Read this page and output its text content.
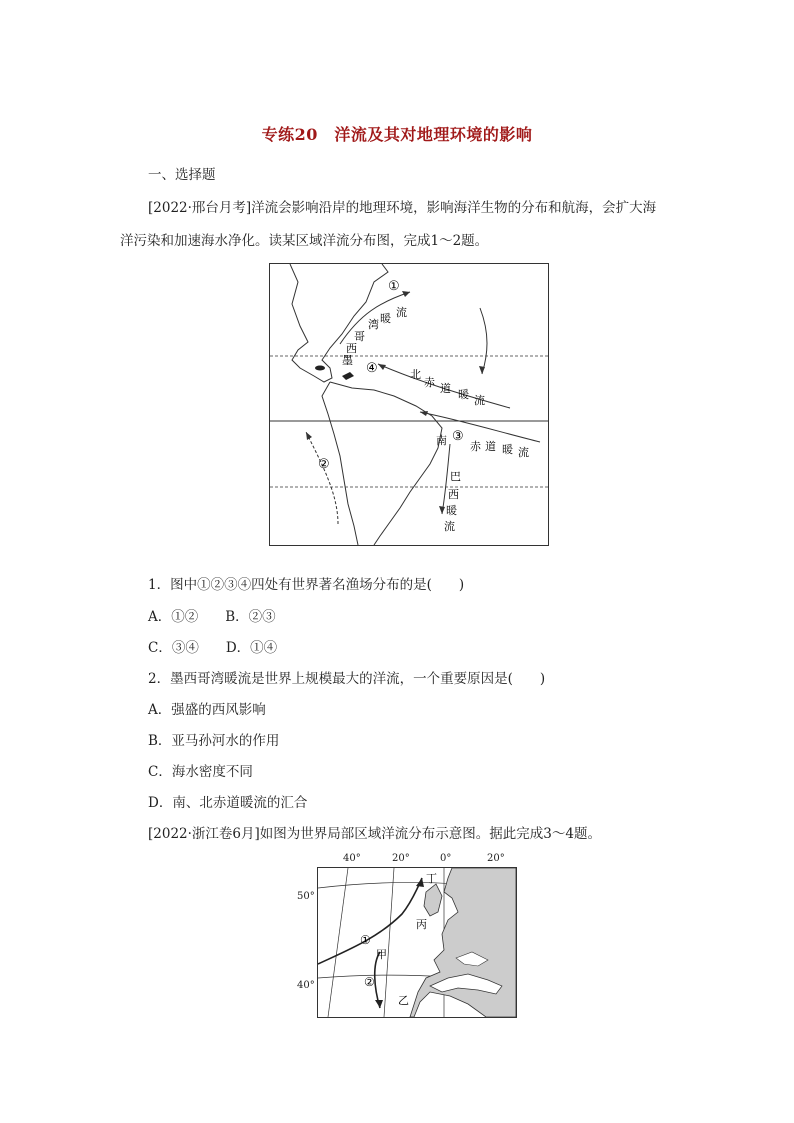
专练20　洋流及其对地理环境的影响
一、选择题
[2022·邢台月考]洋流会影响沿岸的地理环境，影响海洋生物的分布和航海，会扩大海
洋污染和加速海水净化。读某区域洋流分布图，完成1～2题。
①
②
③
④
墨
西
哥
湾 暖 流
北
赤 道 暖 流
南 赤 道 暖 流
巴
西
暖
流
1．图中①②③④四处有世界著名渔场分布的是(　　)
A．①②　　B．②③
C．③④　　D．①④
2．墨西哥湾暖流是世界上规模最大的洋流，一个重要原因是(　　)
A．强盛的西风影响
B．亚马孙河水的作用
C．海水密度不同
D．南、北赤道暖流的汇合
[2022·浙江卷6月]如图为世界局部区域洋流分布示意图。据此完成3～4题。
40°	20°	0°	20°
50°
40°
丁
丙
①
甲
②
乙
